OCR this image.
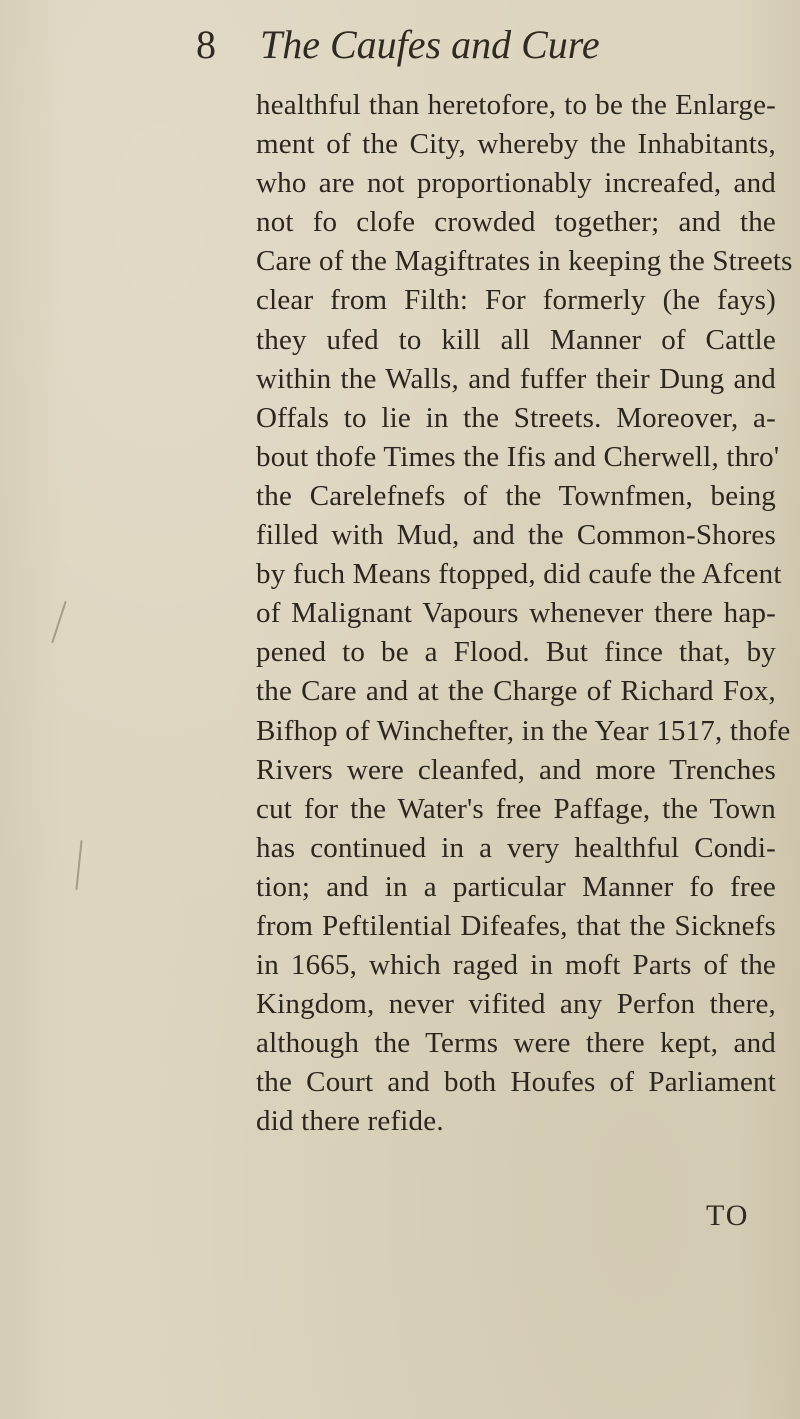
8 The Caufes and Cure
healthful than heretofore, to be the Enlarge-
ment of the City, whereby the Inhabitants,
who are not proportionably increafed, and
not fo clofe crowded together; and the
Care of the Magiftrates in keeping the Streets
clear from Filth: For formerly (he fays)
they ufed to kill all Manner of Cattle
within the Walls, and fuffer their Dung and
Offals to lie in the Streets. Moreover, a-
bout thofe Times the Ifis and Cherwell, thro'
the Carelefnefs of the Townfmen, being
filled with Mud, and the Common-Shores
by fuch Means ftopped, did caufe the Afcent
of Malignant Vapours whenever there hap-
pened to be a Flood. But fince that, by
the Care and at the Charge of Richard Fox,
Bifhop of Winchefter, in the Year 1517, thofe
Rivers were cleanfed, and more Trenches
cut for the Water's free Paffage, the Town
has continued in a very healthful Condi-
tion; and in a particular Manner fo free
from Peftilential Difeafes, that the Sicknefs
in 1665, which raged in moft Parts of the
Kingdom, never vifited any Perfon there,
although the Terms were there kept, and
the Court and both Houfes of Parliament
did there refide.
TO
